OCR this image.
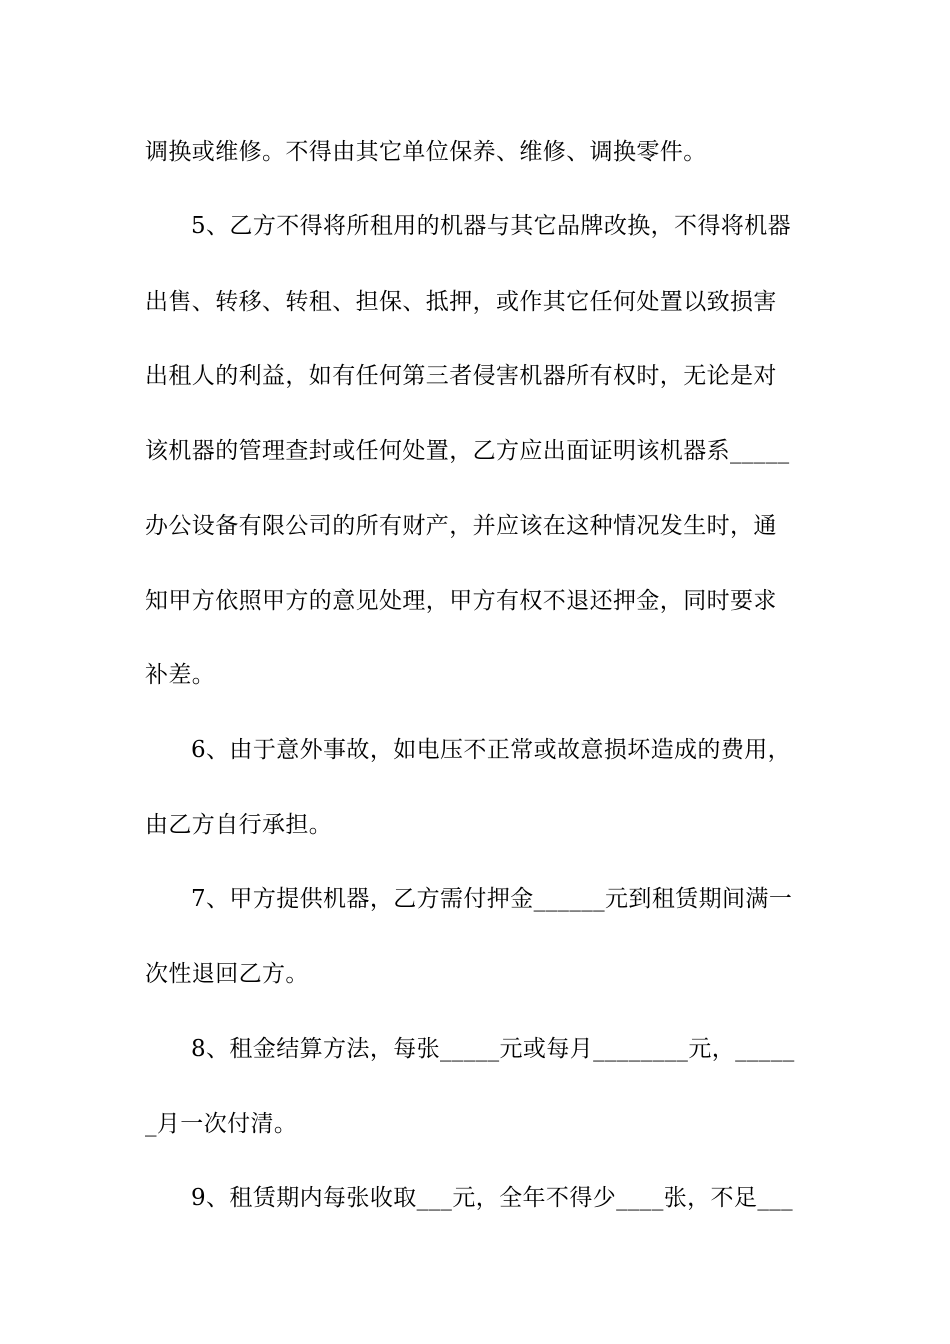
调换或维修。不得由其它单位保养、维修、调换零件。
5、乙方不得将所租用的机器与其它品牌改换，不得将机器
出售、转移、转租、担保、抵押，或作其它任何处置以致损害
出租人的利益，如有任何第三者侵害机器所有权时，无论是对
该机器的管理查封或任何处置，乙方应出面证明该机器系_____
办公设备有限公司的所有财产，并应该在这种情况发生时，通
知甲方依照甲方的意见处理，甲方有权不退还押金，同时要求
补差。
6、由于意外事故，如电压不正常或故意损坏造成的费用，
由乙方自行承担。
7、甲方提供机器，乙方需付押金______元到租赁期间满一
次性退回乙方。
8、租金结算方法，每张_____元或每月________元，_____
_月一次付清。
9、租赁期内每张收取___元，全年不得少____张，不足___
